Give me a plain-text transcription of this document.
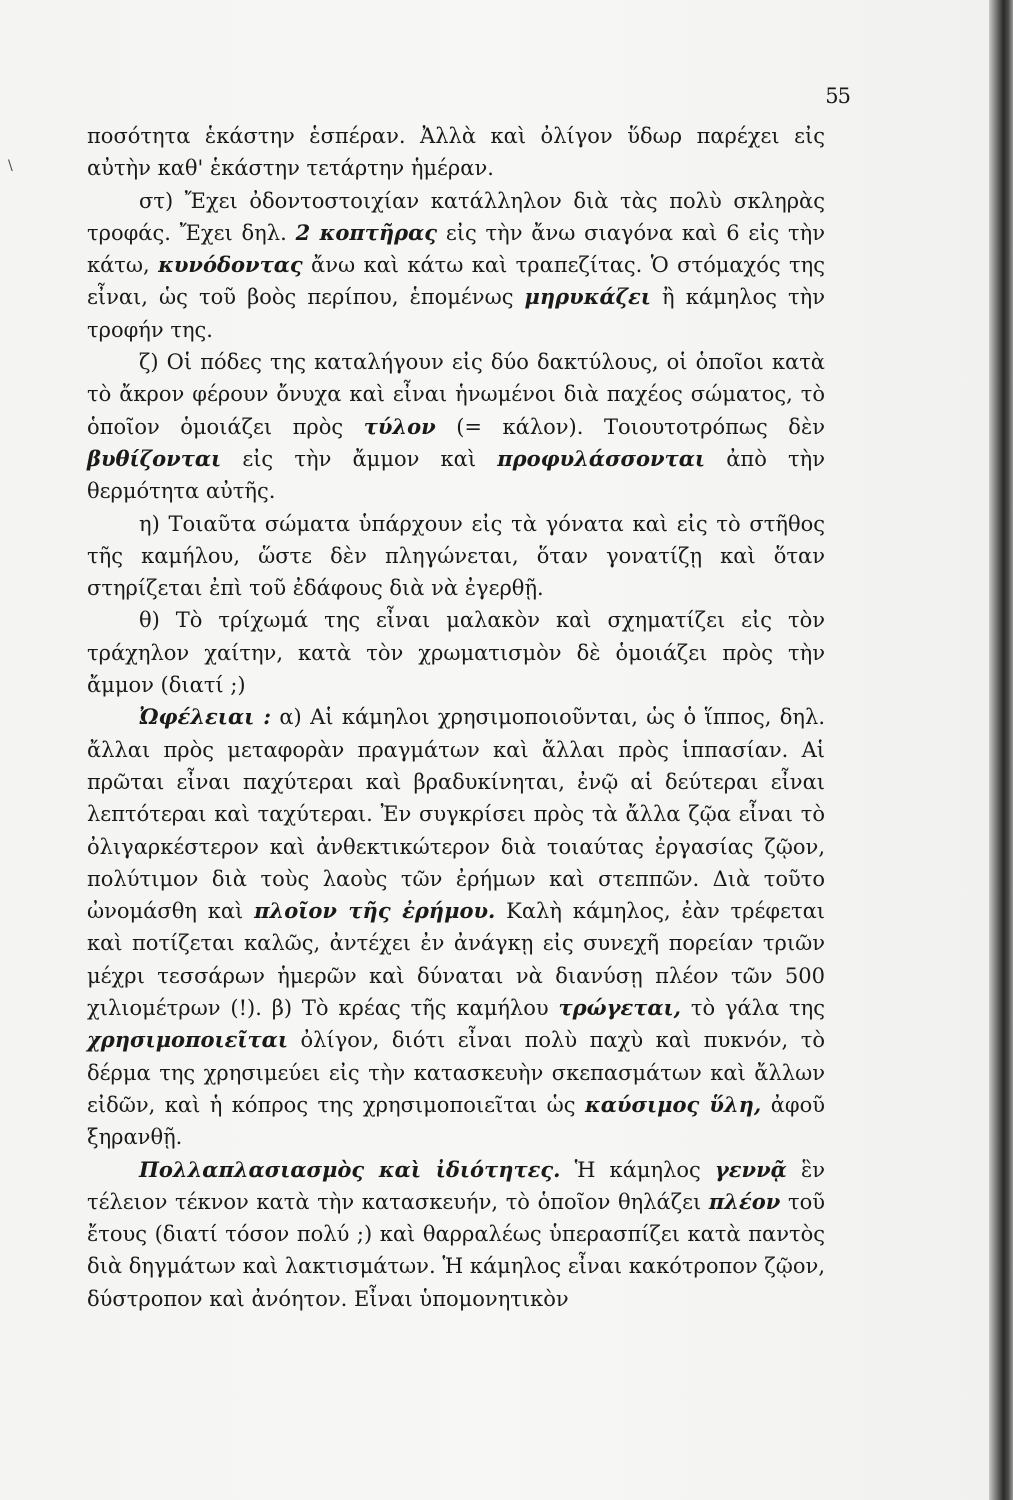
\
55

ποσότητα ἑκάστην ἑσπέραν. Ἀλλὰ καὶ ὀλίγον ὕδωρ παρέχει εἰς αὐτὴν καθ' ἑκάστην τετάρτην ἡμέραν.

στ) Ἔχει ὀδοντοστοιχίαν κατάλληλον διὰ τὰς πολὺ σκληρὰς τροφάς. Ἔχει δηλ. 2 κοπτῆρας εἰς τὴν ἄνω σιαγόνα καὶ 6 εἰς τὴν κάτω, κυνόδοντας ἄνω καὶ κάτω καὶ τραπεζίτας. Ὁ στόμαχός της εἶναι, ὡς τοῦ βοὸς περίπου, ἑπομένως μηρυκάζει ἢ κάμηλος τὴν τροφήν της.

ζ) Οἱ πόδες της καταλήγουν εἰς δύο δακτύλους, οἱ ὁποῖοι κατὰ τὸ ἄκρον φέρουν ὄνυχα καὶ εἶναι ἡνωμένοι διὰ παχέος σώματος, τὸ ὁποῖον ὁμοιάζει πρὸς τύλον (= κάλον). Τοιουτοτρόπως δὲν βυθίζονται εἰς τὴν ἄμμον καὶ προφυλάσσονται ἀπὸ τὴν θερμότητα αὐτῆς.

η) Τοιαῦτα σώματα ὑπάρχουν εἰς τὰ γόνατα καὶ εἰς τὸ στῆθος τῆς καμήλου, ὥστε δὲν πληγώνεται, ὅταν γονατίζῃ καὶ ὅταν στηρίζεται ἐπὶ τοῦ ἐδάφους διὰ νὰ ἐγερθῇ.

θ) Τὸ τρίχωμά της εἶναι μαλακὸν καὶ σχηματίζει εἰς τὸν τράχηλον χαίτην, κατὰ τὸν χρωματισμὸν δὲ ὁμοιάζει πρὸς τὴν ἄμμον (διατί ;)

Ὠφέλειαι : α) Αἱ κάμηλοι χρησιμοποιοῦνται, ὡς ὁ ἵππος, δηλ. ἄλλαι πρὸς μεταφορὰν πραγμάτων καὶ ἄλλαι πρὸς ἱππασίαν. Αἱ πρῶται εἶναι παχύτεραι καὶ βραδυκίνηται, ἐνῷ αἱ δεύτεραι εἶναι λεπτότεραι καὶ ταχύτεραι. Ἐν συγκρίσει πρὸς τὰ ἄλλα ζῷα εἶναι τὸ ὀλιγαρκέστερον καὶ ἀνθεκτικώτερον διὰ τοιαύτας ἐργασίας ζῷον, πολύτιμον διὰ τοὺς λαοὺς τῶν ἐρήμων καὶ στεππῶν. Διὰ τοῦτο ὠνομάσθη καὶ πλοῖον τῆς ἐρήμου. Καλὴ κάμηλος, ἐὰν τρέφεται καὶ ποτίζεται καλῶς, ἀντέχει ἐν ἀνάγκῃ εἰς συνεχῆ πορείαν τριῶν μέχρι τεσσάρων ἡμερῶν καὶ δύναται νὰ διανύσῃ πλέον τῶν 500 χιλιομέτρων (!). β) Τὸ κρέας τῆς καμήλου τρώγεται, τὸ γάλα της χρησιμοποιεῖται ὀλίγον, διότι εἶναι πολὺ παχὺ καὶ πυκνόν, τὸ δέρμα της χρησιμεύει εἰς τὴν κατασκευὴν σκεπασμάτων καὶ ἄλλων εἰδῶν, καὶ ἡ κόπρος της χρησιμοποιεῖται ὡς καύσιμος ὕλη, ἀφοῦ ξηρανθῇ.

Πολλαπλασιασμὸς καὶ ἰδιότητες. Ἡ κάμηλος γεννᾷ ἓν τέλειον τέκνον κατὰ τὴν κατασκευήν, τὸ ὁποῖον θηλάζει πλέον τοῦ ἔτους (διατί τόσον πολύ ;) καὶ θαρραλέως ὑπερασπίζει κατὰ παντὸς διὰ δηγμάτων καὶ λακτισμάτων. Ἡ κάμηλος εἶναι κακότροπον ζῷον, δύστροπον καὶ ἀνόητον. Εἶναι ὑπομονητικὸν
